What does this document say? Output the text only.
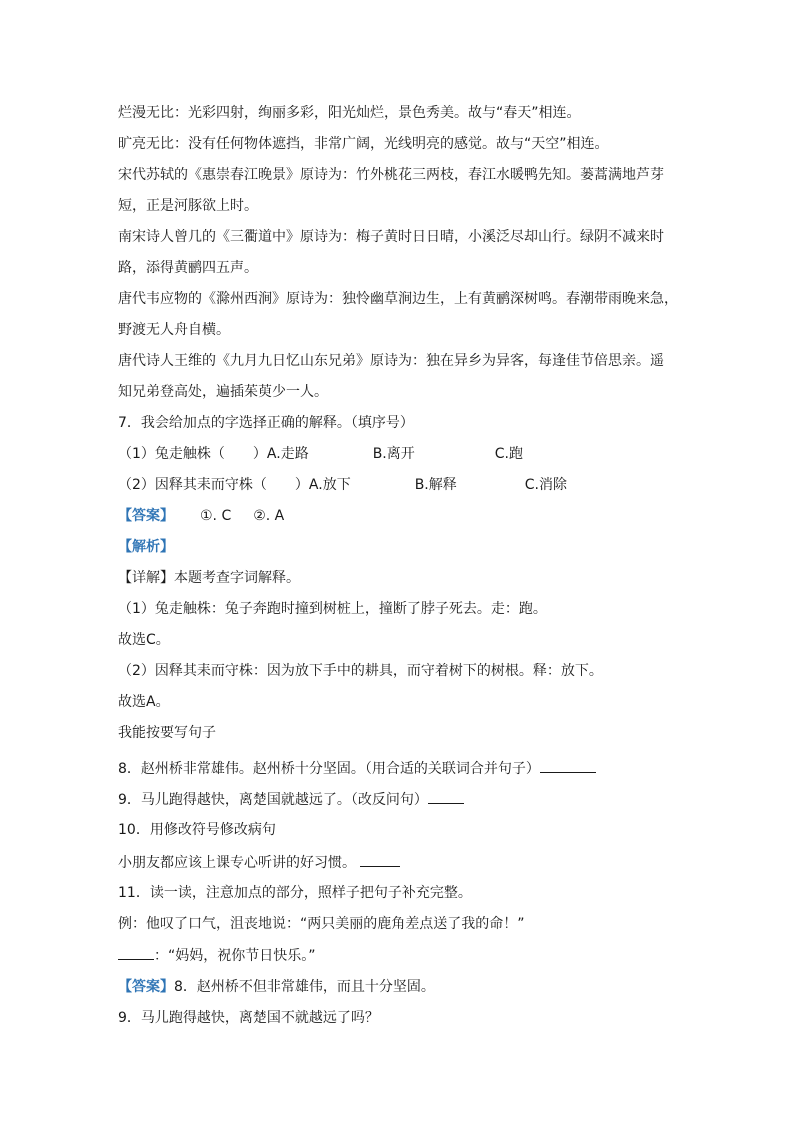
烂漫无比：光彩四射，绚丽多彩，阳光灿烂，景色秀美。故与“春天”相连。
旷亮无比：没有任何物体遮挡，非常广阔，光线明亮的感觉。故与“天空”相连。
宋代苏轼的《惠崇春江晚景》原诗为：竹外桃花三两枝，春江水暖鸭先知。蒌蒿满地芦芽
短，正是河豚欲上时。
南宋诗人曾几的《三衢道中》原诗为：梅子黄时日日晴，小溪泛尽却山行。绿阴不减来时
路，添得黄鹂四五声。
唐代韦应物的《滁州西涧》原诗为：独怜幽草涧边生，上有黄鹂深树鸣。春潮带雨晚来急，
野渡无人舟自横。
唐代诗人王维的《九月九日忆山东兄弟》原诗为：独在异乡为异客，每逢佳节倍思亲。遥
知兄弟登高处，遍插茱萸少一人。
7．我会给加点的字选择正确的解释。（填序号）
（1）兔走触株（　　）A.走路	B.离开	C.跑
（2）因释其耒而守株（　　）A.放下	B.解释	C.消除
【答案】 ①. C ②. A
【解析】
【详解】本题考查字词解释。
（1）兔走触株：兔子奔跑时撞到树桩上，撞断了脖子死去。走：跑。
故选C。
（2）因释其耒而守株：因为放下手中的耕具，而守着树下的树根。释：放下。
故选A。
我能按要写句子
8．赵州桥非常雄伟。赵州桥十分坚固。（用合适的关联词合并句子）
9．马儿跑得越快，离楚国就越远了。（改反问句）
10．用修改符号修改病句
小朋友都应该上课专心听讲的好习惯。
11．读一读，注意加点的部分，照样子把句子补充完整。
例：他叹了口气，沮丧地说：“两只美丽的鹿角差点送了我的命！”
：“妈妈，祝你节日快乐。”
【答案】8．赵州桥不但非常雄伟，而且十分坚固。
9．马儿跑得越快，离楚国不就越远了吗？
